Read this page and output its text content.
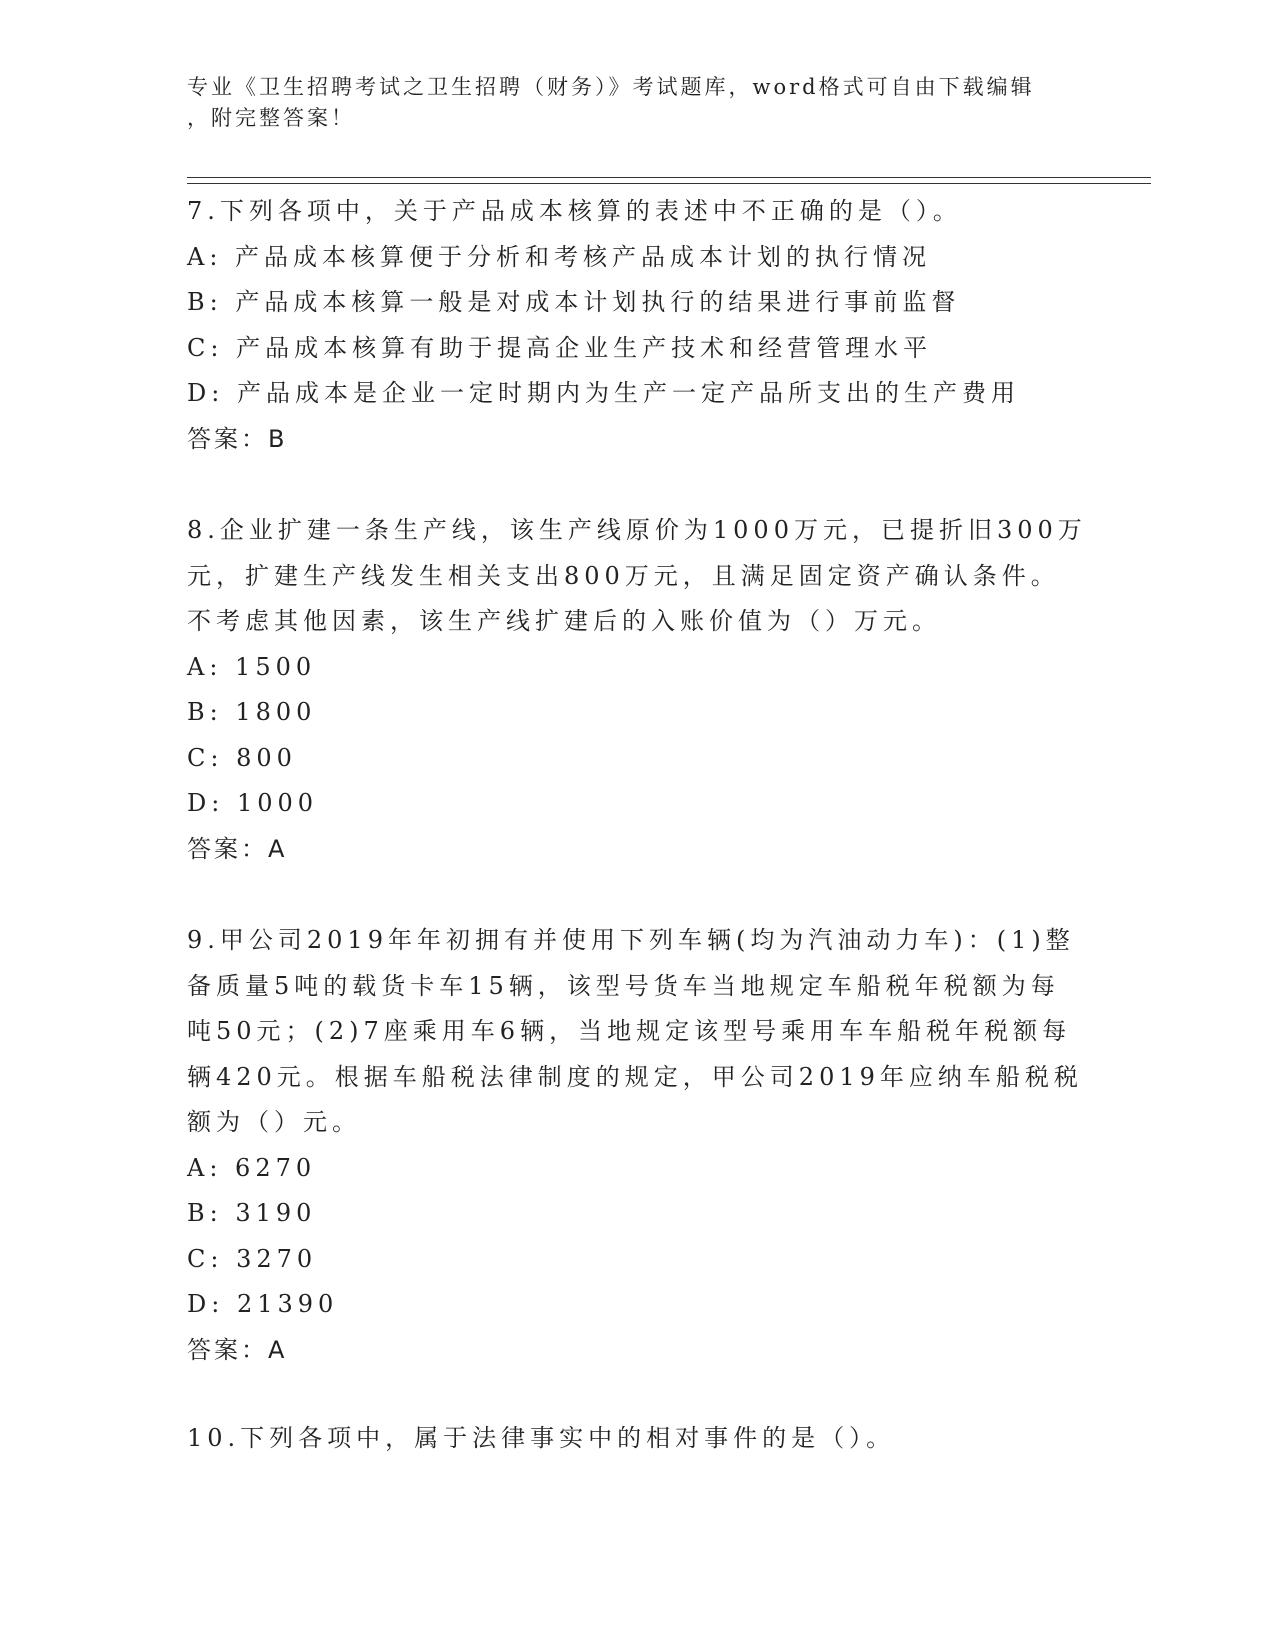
专业《卫生招聘考试之卫生招聘（财务）》考试题库，word格式可自由下载编辑
，附完整答案！
7.下列各项中，关于产品成本核算的表述中不正确的是（）。
A: 产品成本核算便于分析和考核产品成本计划的执行情况
B: 产品成本核算一般是对成本计划执行的结果进行事前监督
C: 产品成本核算有助于提高企业生产技术和经营管理水平
D: 产品成本是企业一定时期内为生产一定产品所支出的生产费用
答案：B
8.企业扩建一条生产线，该生产线原价为1000万元，已提折旧300万
元，扩建生产线发生相关支出800万元，且满足固定资产确认条件。
不考虑其他因素，该生产线扩建后的入账价值为（）万元。
A: 1500
B: 1800
C: 800
D: 1000
答案：A
9.甲公司2019年年初拥有并使用下列车辆(均为汽油动力车)：(1)整
备质量5吨的载货卡车15辆，该型号货车当地规定车船税年税额为每
吨50元；(2)7座乘用车6辆，当地规定该型号乘用车车船税年税额每
辆420元。根据车船税法律制度的规定，甲公司2019年应纳车船税税
额为（）元。
A: 6270
B: 3190
C: 3270
D: 21390
答案：A
10.下列各项中，属于法律事实中的相对事件的是（）。
